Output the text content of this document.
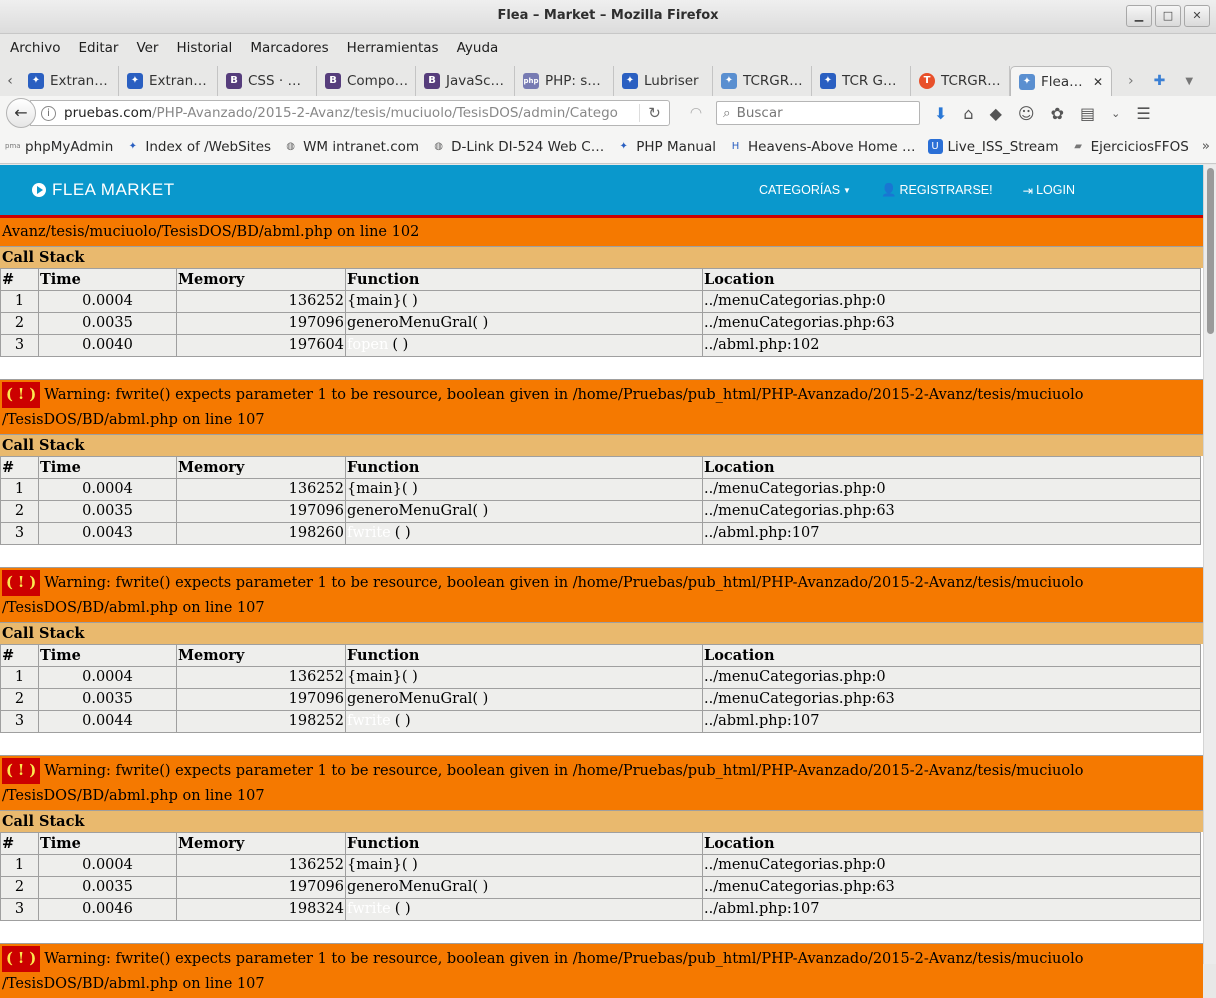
Flea – Market – Mozilla Firefox	▁	□	✕
Archivo Editar Ver Historial Marcadores Herramientas Ayuda
‹	✦ Extran…	✦ Extran…	B CSS · …	B Compo…	B JavaSc…	php PHP: s…	✦ Lubriser	✦ TCRGR…	✦ TCR G…	T TCRGR…	✦ Flea… ✕ › ✚ ▼
←	i	pruebas.com /PHP-Avanzado/2015-2-Avanz/tesis/muciuolo/TesisDOS/admin/Catego	↻	◠	⌕ Buscar	⬇ ⌂ ◆ ☺ ✿ ▤ ⌄ ☰
pma phpMyAdmin	✦ Index of /WebSites	◍ WM intranet.com	◍ D-Link DI-524 Web C…	✦ PHP Manual	H Heavens-Above Home …	U Live_ISS_Stream	▰ EjerciciosFFOS »
FLEA MARKET	CATEGORÍAS ▼ 👤 REGISTRARSE! ⇥ LOGIN
Avanz/tesis/muciuolo/TesisDOS/BD/abml.php on line 102
Call Stack
#	Time	Memory	Function	Location
1	0.0004	136252	{main}( )	../menuCategorias.php:0
2	0.0035	197096	generoMenuGral( )	../menuCategorias.php:63
3	0.0040	197604	fopen ( )	../abml.php:102
( ! ) Warning: fwrite() expects parameter 1 to be resource, boolean given in /home/Pruebas/pub_html/PHP-Avanzado/2015-2-Avanz/tesis/muciuolo /TesisDOS/BD/abml.php on line 107
Call Stack
#	Time	Memory	Function	Location
1	0.0004	136252	{main}( )	../menuCategorias.php:0
2	0.0035	197096	generoMenuGral( )	../menuCategorias.php:63
3	0.0043	198260	fwrite ( )	../abml.php:107
( ! ) Warning: fwrite() expects parameter 1 to be resource, boolean given in /home/Pruebas/pub_html/PHP-Avanzado/2015-2-Avanz/tesis/muciuolo /TesisDOS/BD/abml.php on line 107
Call Stack
#	Time	Memory	Function	Location
1	0.0004	136252	{main}( )	../menuCategorias.php:0
2	0.0035	197096	generoMenuGral( )	../menuCategorias.php:63
3	0.0044	198252	fwrite ( )	../abml.php:107
( ! ) Warning: fwrite() expects parameter 1 to be resource, boolean given in /home/Pruebas/pub_html/PHP-Avanzado/2015-2-Avanz/tesis/muciuolo /TesisDOS/BD/abml.php on line 107
Call Stack
#	Time	Memory	Function	Location
1	0.0004	136252	{main}( )	../menuCategorias.php:0
2	0.0035	197096	generoMenuGral( )	../menuCategorias.php:63
3	0.0046	198324	fwrite ( )	../abml.php:107
( ! ) Warning: fwrite() expects parameter 1 to be resource, boolean given in /home/Pruebas/pub_html/PHP-Avanzado/2015-2-Avanz/tesis/muciuolo /TesisDOS/BD/abml.php on line 107
